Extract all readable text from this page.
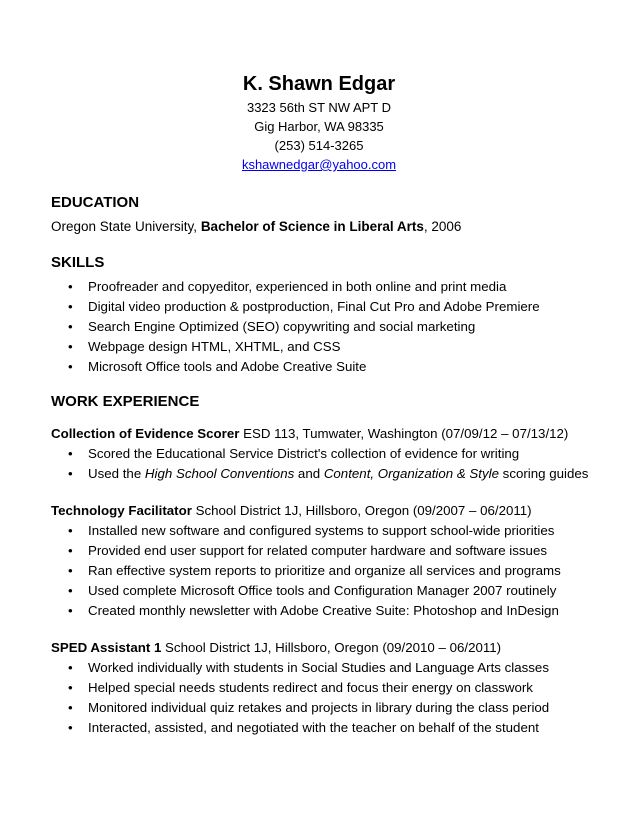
K. Shawn Edgar
3323 56th ST NW APT D
Gig Harbor, WA 98335
(253) 514-3265
kshawnedgar@yahoo.com
EDUCATION

Oregon State University, Bachelor of Science in Liberal Arts, 2006

SKILLS
• Proofreader and copyeditor, experienced in both online and print media
• Digital video production & postproduction, Final Cut Pro and Adobe Premiere
• Search Engine Optimized (SEO) copywriting and social marketing
• Webpage design HTML, XHTML, and CSS
• Microsoft Office tools and Adobe Creative Suite
WORK EXPERIENCE

Collection of Evidence Scorer ESD 113, Tumwater, Washington (07/09/12 – 07/13/12)

• Scored the Educational Service District's collection of evidence for writing
• Used the High School Conventions and Content, Organization & Style scoring guides

Technology Facilitator School District 1J, Hillsboro, Oregon (09/2007 – 06/2011)

• Installed new software and configured systems to support school-wide priorities
• Provided end user support for related computer hardware and software issues
• Ran effective system reports to prioritize and organize all services and programs
• Used complete Microsoft Office tools and Configuration Manager 2007 routinely
• Created monthly newsletter with Adobe Creative Suite: Photoshop and InDesign

SPED Assistant 1 School District 1J, Hillsboro, Oregon (09/2010 – 06/2011)

• Worked individually with students in Social Studies and Language Arts classes
• Helped special needs students redirect and focus their energy on classwork
• Monitored individual quiz retakes and projects in library during the class period
• Interacted, assisted, and negotiated with the teacher on behalf of the student
